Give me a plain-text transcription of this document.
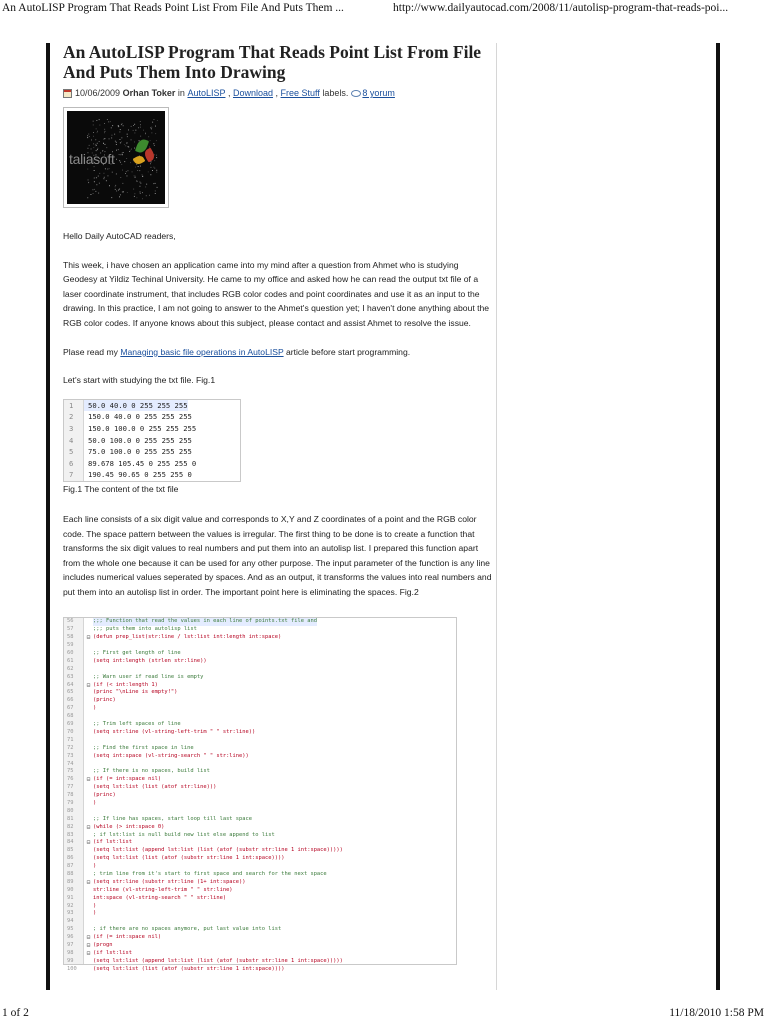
An AutoLISP Program That Reads Point List From File And Puts Them ...	http://www.dailyautocad.com/2008/11/autolisp-program-that-reads-poi...
An AutoLISP Program That Reads Point List From File And Puts Them Into Drawing
10/06/2009
Orhan Toker in AutoLISP , Download , Free Stuff labels. 8 yorum
taliasoft

Hello Daily AutoCAD readers,

This week, i have chosen an application came into my mind after a question from Ahmet who is studying Geodesy at Yildiz Techinal University. He came to my office and asked how he can read the output txt file of a laser coordinate instrument, that includes RGB color codes and point coordinates and use it as an input to the drawing. In this practice, I am not going to answer to the Ahmet's question yet; I haven't done anything about the RGB color codes. If anyone knows about this subject, please contact and assist Ahmet to resolve the issue.

Plase read my Managing basic file operations in AutoLISP article before start programming.

Let's start with studying the txt file. Fig.1

1	50.0 40.0 0 255 255 255
2	150.0 40.0 0 255 255 255
3	150.0 100.0 0 255 255 255
4	50.0 100.0 0 255 255 255
5	75.0 100.0 0 255 255 255
6	89.678 105.45 0 255 255 0
7	190.45 90.65 0 255 255 0

Fig.1 The content of the txt file

Each line consists of a six digit value and corresponds to X,Y and Z coordinates of a point and the RGB color code. The space pattern between the values is irregular. The first thing to be done is to create a function that transforms the six digit values to real numbers and put them into an autolisp list. I prepared this function apart from the whole one because it can be used for any other purpose. The input parameter of the function is any line includes numerical values seperated by spaces. And as an output, it transforms the values into real numbers and put them into an autolisp list in order. The important point here is eliminating the spaces. Fig.2

56	;;; Function that read the values in each line of points.txt file and
57	;;; puts them into autolisp list
58	⊟ (defun prep_list(str:line / lst:list int:length int:space)
59
60	;; First get length of line
61	(setq int:length (strlen str:line))
62
63	;; Warn user if read line is empty
64	⊟ (if (< int:length 1)
65	(princ "\nLine is empty!")
66	(princ)
67	)
68
69	;; Trim left spaces of line
70	(setq str:line (vl-string-left-trim " " str:line))
71
72	;; Find the first space in line
73	(setq int:space (vl-string-search " " str:line))
74
75	;; If there is no spaces, build list
76	⊟ (if (= int:space nil)
77	(setq lst:list (list (atof str:line)))
78	(princ)
79	)
80
81	;; If line has spaces, start loop till last space
82	⊟ (while (> int:space 0)
83	; if lst:list is null build new list else append to list
84	⊟ (if lst:list
85	(setq lst:list (append lst:list (list (atof (substr str:line 1 int:space)))))
86	(setq lst:list (list (atof (substr str:line 1 int:space))))
87	)
88	; trim line from it's start to first space and search for the next space
89	⊟ (setq str:line (substr str:line (1+ int:space))
90	str:line (vl-string-left-trim " " str:line)
91	int:space (vl-string-search " " str:line)
92	)
93	)
94
95	; if there are no spaces anymore, put last value into list
96	⊟ (if (= int:space nil)
97	⊟ (progn
98	⊟ (if lst:list
99	(setq lst:list (append lst:list (list (atof (substr str:line 1 int:space)))))
100	(setq lst:list (list (atof (substr str:line 1 int:space))))
1 of 2	11/18/2010 1:58 PM
